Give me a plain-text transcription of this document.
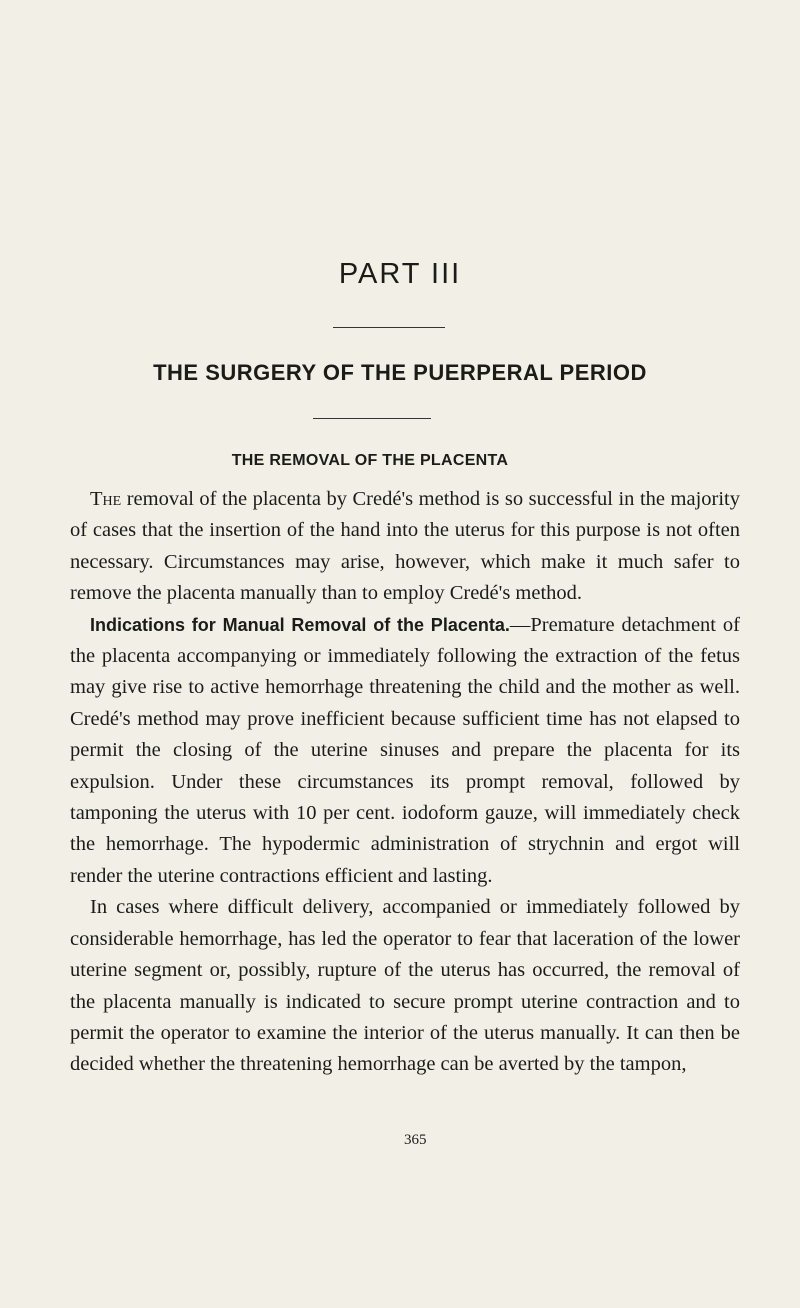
PART III
THE SURGERY OF THE PUERPERAL PERIOD
THE REMOVAL OF THE PLACENTA

The removal of the placenta by Credé's method is so successful in the majority of cases that the insertion of the hand into the uterus for this purpose is not often necessary. Circumstances may arise, however, which make it much safer to remove the placenta manually than to employ Credé's method.

Indications for Manual Removal of the Placenta.—Premature detachment of the placenta accompanying or immediately following the extraction of the fetus may give rise to active hemorrhage threatening the child and the mother as well. Credé's method may prove inefficient because sufficient time has not elapsed to permit the closing of the uterine sinuses and prepare the placenta for its expulsion. Under these circumstances its prompt removal, followed by tamponing the uterus with 10 per cent. iodoform gauze, will immediately check the hemorrhage. The hypodermic administration of strychnin and ergot will render the uterine contractions efficient and lasting.

In cases where difficult delivery, accompanied or immediately followed by considerable hemorrhage, has led the operator to fear that laceration of the lower uterine segment or, possibly, rupture of the uterus has occurred, the removal of the placenta manually is indicated to secure prompt uterine contraction and to permit the operator to examine the interior of the uterus manually. It can then be decided whether the threatening hemorrhage can be averted by the tampon,

365
